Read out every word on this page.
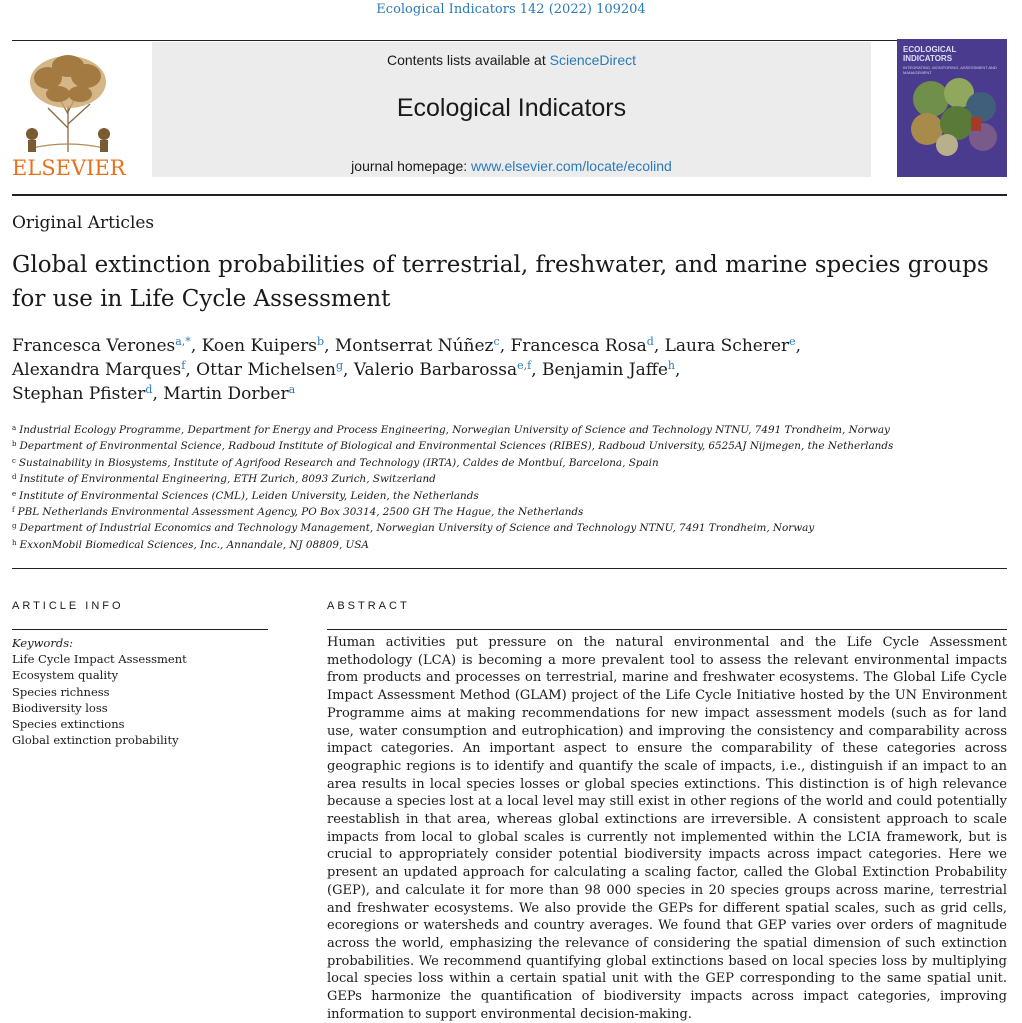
Ecological Indicators 142 (2022) 109204
ELSEVIER
Contents lists available at ScienceDirect
Ecological Indicators
journal homepage: www.elsevier.com/locate/ecolind
ECOLOGICAL
INDICATORS
INTEGRATING, MONITORING, ASSESSMENT AND MANAGEMENT
Original Articles
Global extinction probabilities of terrestrial, freshwater, and marine species groups for use in Life Cycle Assessment
Francesca Verones$^{a,*}$, Koen Kuipers$^b$, Montserrat Núñez$^c$, Francesca Rosa$^d$, Laura Scherer$^e$,
Alexandra Marques$^f$, Ottar Michelsen$^g$, Valerio Barbarossa$^{e,f}$, Benjamin Jaffe$^h$,
Stephan Pfister$^d$, Martin Dorber$^a$
$^a$ Industrial Ecology Programme, Department for Energy and Process Engineering, Norwegian University of Science and Technology NTNU, 7491 Trondheim, Norway
$^b$ Department of Environmental Science, Radboud Institute of Biological and Environmental Sciences (RIBES), Radboud University, 6525AJ Nijmegen, the Netherlands
$^c$ Sustainability in Biosystems, Institute of Agrifood Research and Technology (IRTA), Caldes de Montbuí, Barcelona, Spain
$^d$ Institute of Environmental Engineering, ETH Zurich, 8093 Zurich, Switzerland
$^e$ Institute of Environmental Sciences (CML), Leiden University, Leiden, the Netherlands
$^f$ PBL Netherlands Environmental Assessment Agency, PO Box 30314, 2500 GH The Hague, the Netherlands
$^g$ Department of Industrial Economics and Technology Management, Norwegian University of Science and Technology NTNU, 7491 Trondheim, Norway
$^h$ ExxonMobil Biomedical Sciences, Inc., Annandale, NJ 08809, USA
ARTICLE INFO	ABSTRACT
Keywords:
Life Cycle Impact Assessment
Ecosystem quality
Species richness
Biodiversity loss
Species extinctions
Global extinction probability

Human activities put pressure on the natural environmental and the Life Cycle Assessment methodology (LCA) is becoming a more prevalent tool to assess the relevant environmental impacts from products and processes on terrestrial, marine and freshwater ecosystems. The Global Life Cycle Impact Assessment Method (GLAM) project of the Life Cycle Initiative hosted by the UN Environment Programme aims at making recommendations for new impact assessment models (such as for land use, water consumption and eutrophication) and improving the consistency and comparability across impact categories. An important aspect to ensure the comparability of these categories across geographic regions is to identify and quantify the scale of impacts, i.e., distinguish if an impact to an area results in local species losses or global species extinctions. This distinction is of high relevance because a species lost at a local level may still exist in other regions of the world and could potentially reestablish in that area, whereas global extinctions are irreversible. A consistent approach to scale impacts from local to global scales is currently not implemented within the LCIA framework, but is crucial to appropriately consider potential biodiversity impacts across impact categories. Here we present an updated approach for calculating a scaling factor, called the Global Extinction Probability (GEP), and calculate it for more than 98 000 species in 20 species groups across marine, terrestrial and freshwater ecosystems. We also provide the GEPs for different spatial scales, such as grid cells, ecoregions or watersheds and country averages. We found that GEP varies over orders of magnitude across the world, emphasizing the relevance of considering the spatial dimension of such extinction probabilities. We recommend quantifying global extinctions based on local species loss by multiplying local species loss within a certain spatial unit with the GEP corresponding to the same spatial unit. GEPs harmonize the quantification of biodiversity impacts across impact categories, improving information to support environmental decision-making.
